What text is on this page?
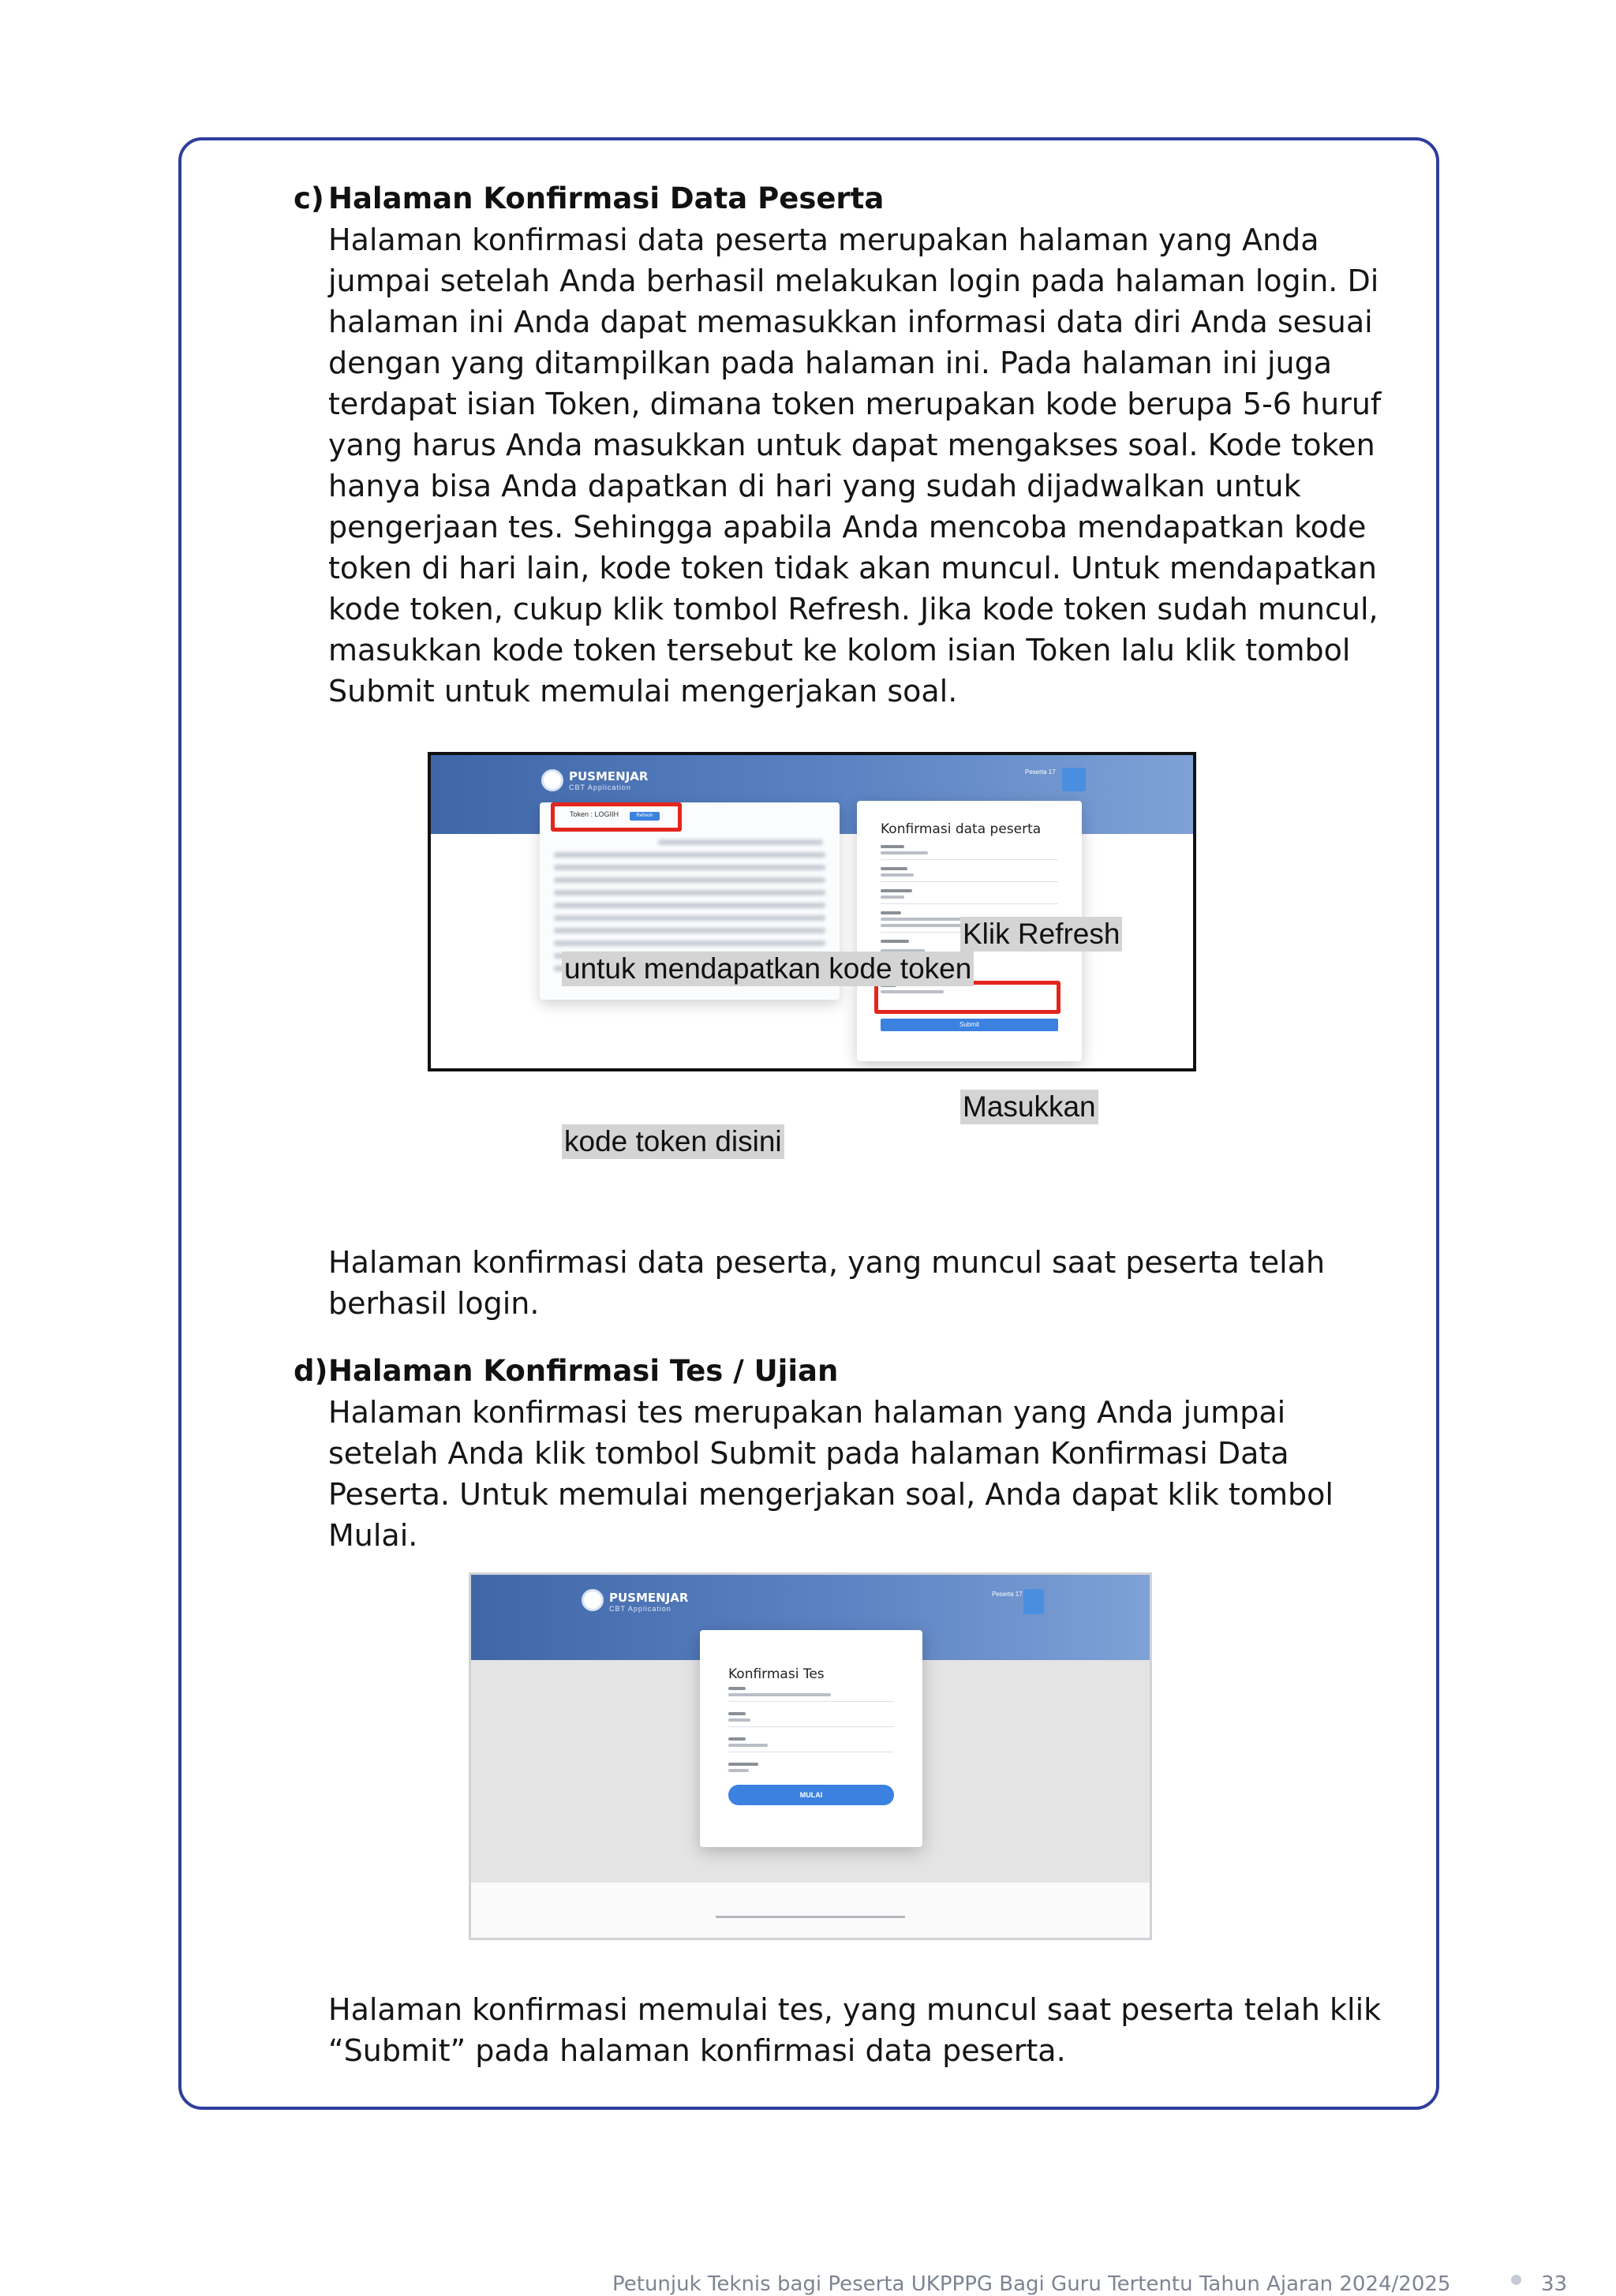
c) Halaman Konfirmasi Data Peserta

Halaman konfirmasi data peserta merupakan halaman yang Anda jumpai setelah Anda berhasil melakukan login pada halaman login. Di halaman ini Anda dapat memasukkan informasi data diri Anda sesuai dengan yang ditampilkan pada halaman ini. Pada halaman ini juga terdapat isian Token, dimana token merupakan kode berupa 5-6 huruf yang harus Anda masukkan untuk dapat mengakses soal. Kode token hanya bisa Anda dapatkan di hari yang sudah dijadwalkan untuk pengerjaan tes. Sehingga apabila Anda mencoba mendapatkan kode token di hari lain, kode token tidak akan muncul. Untuk mendapatkan kode token, cukup klik tombol Refresh. Jika kode token sudah muncul, masukkan kode token tersebut ke kolom isian Token lalu klik tombol Submit untuk memulai mengerjakan soal.

PUSMENJAR
CBT Application
Peserta 17
Token : LOGIIH	Refresh
Konfirmasi data peserta
Submit
Klik Refresh
untuk mendapatkan kode token
Masukkan
kode token disini

Halaman konfirmasi data peserta, yang muncul saat peserta telah berhasil login.

d) Halaman Konfirmasi Tes / Ujian

Halaman konfirmasi tes merupakan halaman yang Anda jumpai setelah Anda klik tombol Submit pada halaman Konfirmasi Data Peserta. Untuk memulai mengerjakan soal, Anda dapat klik tombol Mulai.

PUSMENJAR
CBT Application
Peserta 17
Konfirmasi Tes
MULAI

Halaman konfirmasi memulai tes, yang muncul saat peserta telah klik “Submit” pada halaman konfirmasi data peserta.

Petunjuk Teknis bagi Peserta UKPPPG Bagi Guru Tertentu Tahun Ajaran 2024/2025	33
